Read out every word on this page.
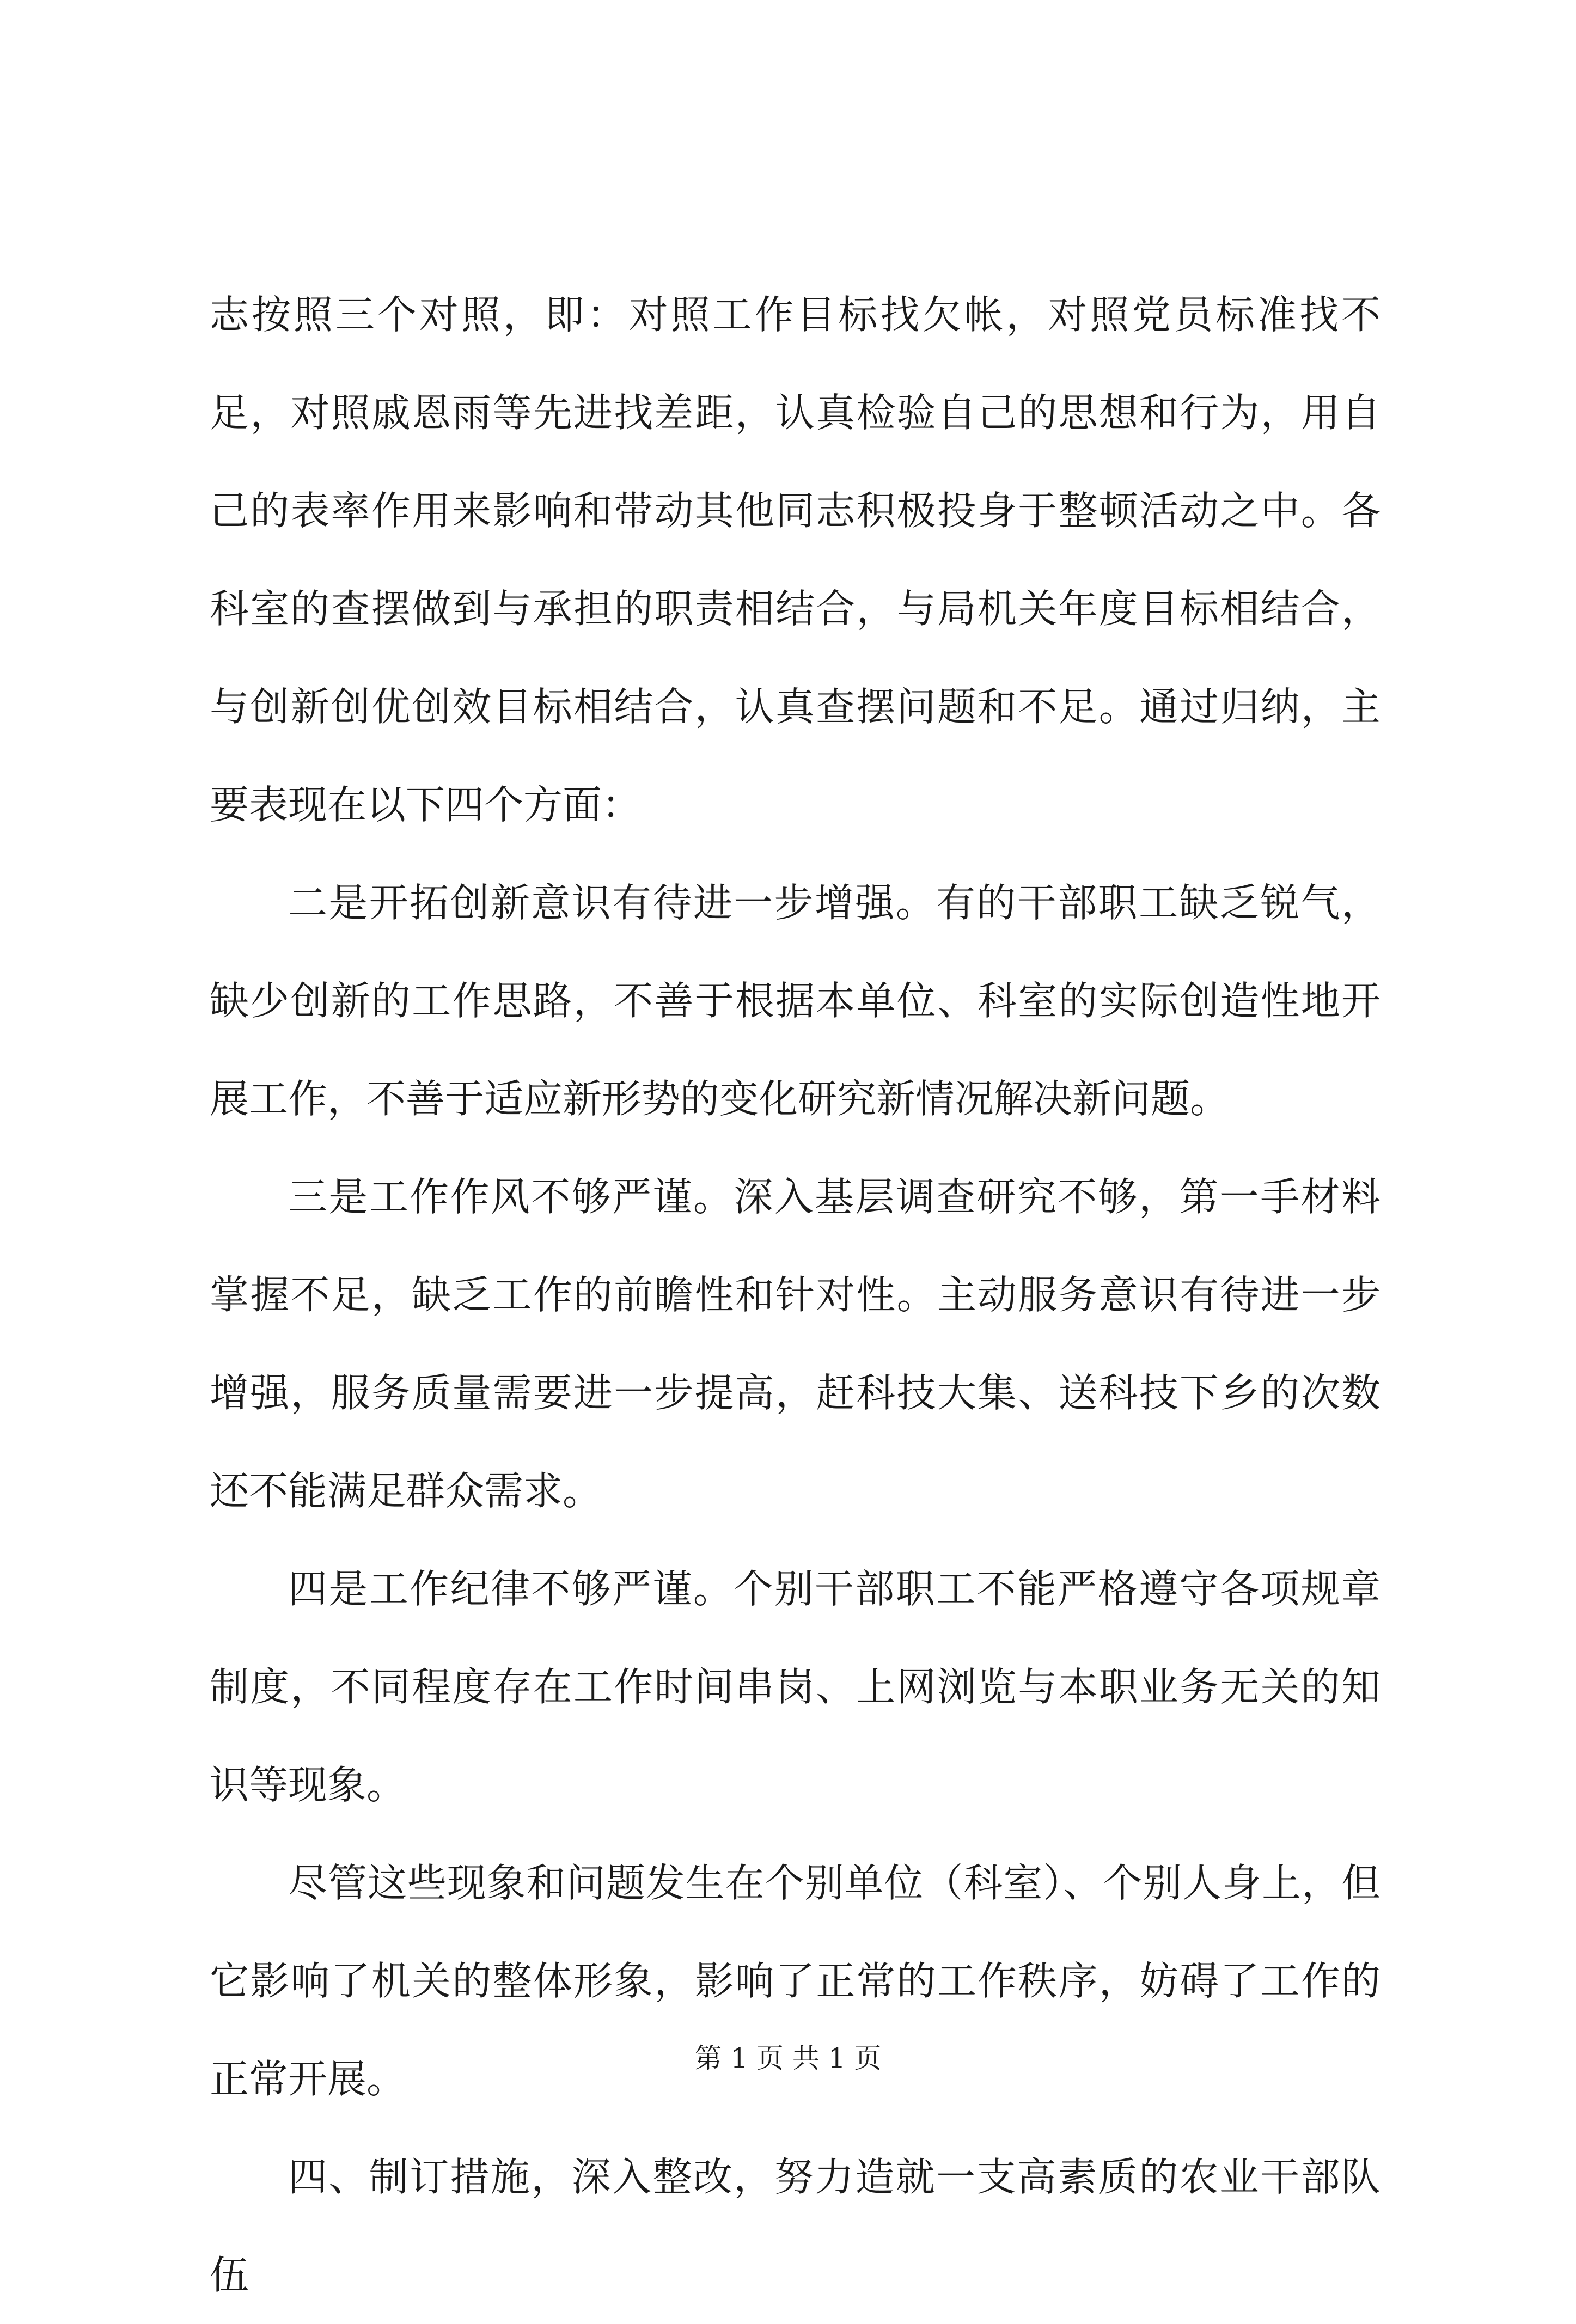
志按照三个对照，即：对照工作目标找欠帐，对照党员标准找不足，对照戚恩雨等先进找差距，认真检验自己的思想和行为，用自己的表率作用来影响和带动其他同志积极投身于整顿活动之中。各科室的查摆做到与承担的职责相结合，与局机关年度目标相结合，与创新创优创效目标相结合，认真查摆问题和不足。通过归纳，主要表现在以下四个方面：

二是开拓创新意识有待进一步增强。有的干部职工缺乏锐气，缺少创新的工作思路，不善于根据本单位、科室的实际创造性地开展工作，不善于适应新形势的变化研究新情况解决新问题。

三是工作作风不够严谨。深入基层调查研究不够，第一手材料掌握不足，缺乏工作的前瞻性和针对性。主动服务意识有待进一步增强，服务质量需要进一步提高，赶科技大集、送科技下乡的次数还不能满足群众需求。

四是工作纪律不够严谨。个别干部职工不能严格遵守各项规章制度，不同程度存在工作时间串岗、上网浏览与本职业务无关的知识等现象。

尽管这些现象和问题发生在个别单位（科室）、个别人身上，但它影响了机关的整体形象，影响了正常的工作秩序，妨碍了工作的正常开展。

四、制订措施，深入整改，努力造就一支高素质的农业干部队伍

第 1 页 共 1 页
